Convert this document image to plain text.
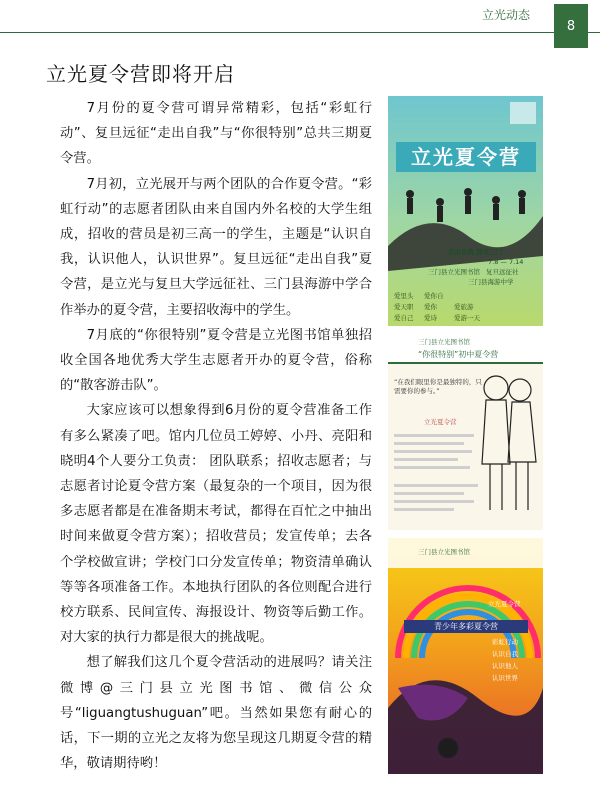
立光动态
8
立光夏令营即将开启

7月份的夏令营可谓异常精彩，包括“彩虹行动”、复旦远征“走出自我”与“你很特别”总共三期夏令营。

7月初，立光展开与两个团队的合作夏令营。“彩虹行动”的志愿者团队由来自国内外名校的大学生组成，招收的营员是初三高一的学生，主题是“认识自我，认识他人，认识世界”。复旦远征“走出自我”夏令营，是立光与复旦大学远征社、三门县海游中学合作举办的夏令营，主要招收海中的学生。

7月底的“你很特别”夏令营是立光图书馆单独招收全国各地优秀大学生志愿者开办的夏令营，俗称的“散客游击队”。

大家应该可以想象得到6月份的夏令营准备工作有多么紧凑了吧。馆内几位员工婷婷、小丹、亮阳和晓明4个人要分工负责： 团队联系；招收志愿者；与志愿者讨论夏令营方案（最复杂的一个项目，因为很多志愿者都是在准备期末考试，都得在百忙之中抽出时间来做夏令营方案）；招收营员；发宣传单；去各个学校做宣讲；学校门口分发宣传单；物资清单确认等等各项准备工作。本地执行团队的各位则配合进行校方联系、民间宣传、海报设计、物资等后勤工作。对大家的执行力都是很大的挑战呢。

想了解我们这几个夏令营活动的进展吗？请关注微博@三门县立光图书馆、微信公众号“liguangtushuguan”吧。当然如果您有耐心的话，下一期的立光之友将为您呈现这几期夏令营的精华，敬请期待哟！

立光夏令营
走出自我 探寻三门
7.8 — 7.14
三门县立光图书馆 复旦远征社
三门县海游中学
爱里头 爱你自
爱天职 爱你	爱旅游
爱自己 爱诗	爱游一天
三门县立光图书馆
“你很特别”初中夏令营
“在我们眼里你是最独特的，只需要你的参与。”
立光夏令营
三门县立光图书馆
青少年多彩夏令营
立光夏令营
彩虹行动
认识自我
认识他人
认识世界
